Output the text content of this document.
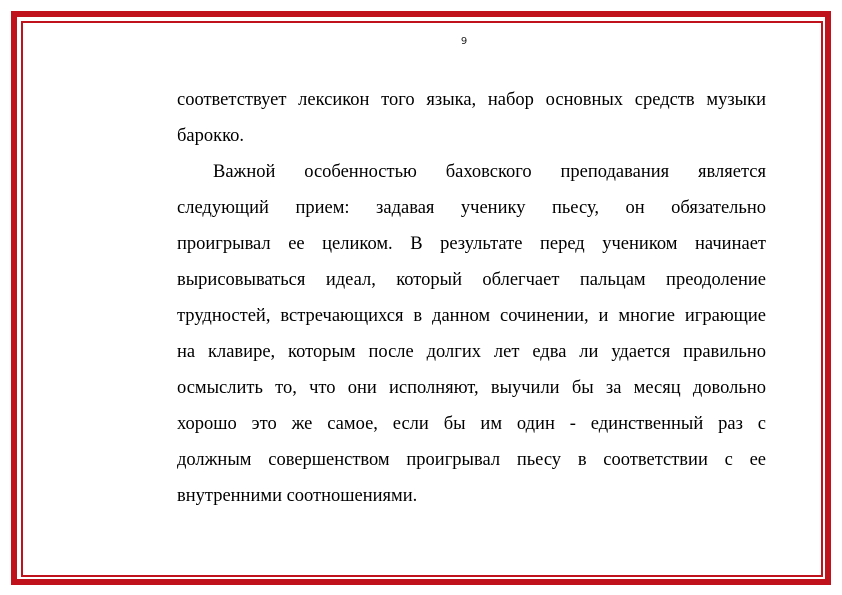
9
соответствует лексикон того языка, набор основных средств музыки
барокко.
Важной особенностью баховского преподавания является
следующий прием: задавая ученику пьесу, он обязательно
проигрывал ее целиком. В результате перед учеником начинает
вырисовываться идеал, который облегчает пальцам преодоление
трудностей, встречающихся в данном сочинении, и многие играющие
на клавире, которым после долгих лет едва ли удается правильно
осмыслить то, что они исполняют, выучили бы за месяц довольно
хорошо это же самое, если бы им один - единственный раз с
должным совершенством проигрывал пьесу в соответствии с ее
внутренними соотношениями.
